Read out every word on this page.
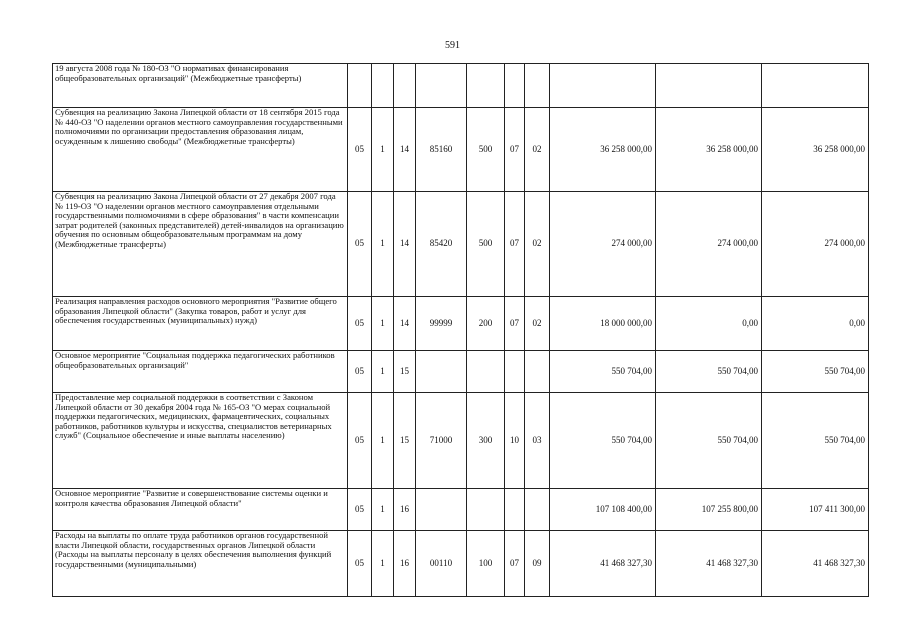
591
19 августа 2008 года № 180-ОЗ "О нормативах финансирования общеобразовательных организаций" (Межбюджетные трансферты)										
Субвенция на реализацию Закона Липецкой области от 18 сентября 2015 года № 440-ОЗ "О наделении органов местного самоуправления государственными полномочиями по организации предоставления образования лицам, осужденным к лишению свободы" (Межбюджетные трансферты)	05	1	14	85160	500	07	02	36 258 000,00	36 258 000,00	36 258 000,00
Субвенция на реализацию Закона Липецкой области от 27 декабря 2007 года № 119-ОЗ "О наделении органов местного самоуправления отдельными государственными полномочиями в сфере образования" в части компенсации затрат родителей (законных представителей) детей-инвалидов на организацию обучения по основным общеобразовательным программам на дому (Межбюджетные трансферты)	05	1	14	85420	500	07	02	274 000,00	274 000,00	274 000,00
Реализация направления расходов основного мероприятия "Развитие общего образования Липецкой области" (Закупка товаров, работ и услуг для обеспечения государственных (муниципальных) нужд)	05	1	14	99999	200	07	02	18 000 000,00	0,00	0,00
Основное мероприятие "Социальная поддержка педагогических работников общеобразовательных организаций"	05	1	15					550 704,00	550 704,00	550 704,00
Предоставление мер социальной поддержки в соответствии с Законом Липецкой области от 30 декабря 2004 года № 165-ОЗ "О мерах социальной поддержки педагогических, медицинских, фармацевтических, социальных работников, работников культуры и искусства, специалистов ветеринарных служб" (Социальное обеспечение и иные выплаты населению)	05	1	15	71000	300	10	03	550 704,00	550 704,00	550 704,00
Основное мероприятие "Развитие и совершенствование системы оценки и контроля качества образования Липецкой области"	05	1	16					107 108 400,00	107 255 800,00	107 411 300,00
Расходы на выплаты по оплате труда работников органов государственной власти Липецкой области, государственных органов Липецкой области (Расходы на выплаты персоналу в целях обеспечения выполнения функций государственными (муниципальными)	05	1	16	00110	100	07	09	41 468 327,30	41 468 327,30	41 468 327,30
